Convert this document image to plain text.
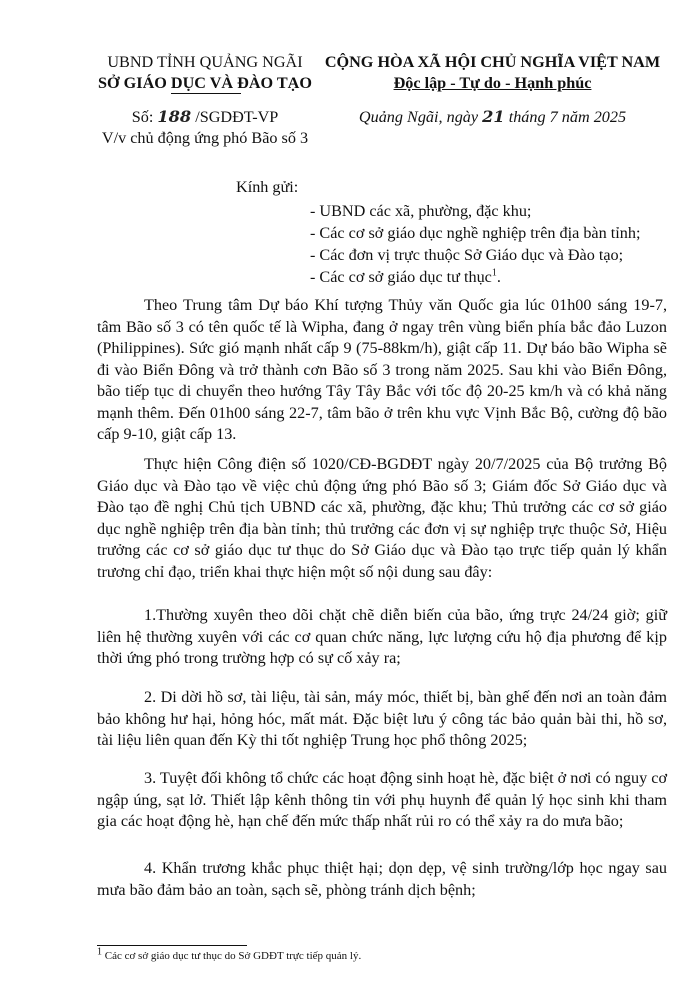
UBND TỈNH QUẢNG NGÃI
SỞ GIÁO DỤC VÀ ĐÀO TẠO
Số: 188 /SGDĐT-VP
V/v chủ động ứng phó Bão số 3
CỘNG HÒA XÃ HỘI CHỦ NGHĨA VIỆT NAM
Độc lập - Tự do - Hạnh phúc
Quảng Ngãi, ngày 21 tháng 7 năm 2025
Kính gửi:
- UBND các xã, phường, đặc khu;
- Các cơ sở giáo dục nghề nghiệp trên địa bàn tỉnh;
- Các đơn vị trực thuộc Sở Giáo dục và Đào tạo;
- Các cơ sở giáo dục tư thục$^1$.
Theo Trung tâm Dự báo Khí tượng Thủy văn Quốc gia lúc 01h00 sáng 19-7, tâm Bão số 3 có tên quốc tế là Wipha, đang ở ngay trên vùng biển phía bắc đảo Luzon (Philippines). Sức gió mạnh nhất cấp 9 (75-88km/h), giật cấp 11. Dự báo bão Wipha sẽ đi vào Biển Đông và trở thành cơn Bão số 3 trong năm 2025. Sau khi vào Biển Đông, bão tiếp tục di chuyển theo hướng Tây Tây Bắc với tốc độ 20-25 km/h và có khả năng mạnh thêm. Đến 01h00 sáng 22-7, tâm bão ở trên khu vực Vịnh Bắc Bộ, cường độ bão cấp 9-10, giật cấp 13.
Thực hiện Công điện số 1020/CĐ-BGDĐT ngày 20/7/2025 của Bộ trưởng Bộ Giáo dục và Đào tạo về việc chủ động ứng phó Bão số 3; Giám đốc Sở Giáo dục và Đào tạo đề nghị Chủ tịch UBND các xã, phường, đặc khu; Thủ trưởng các cơ sở giáo dục nghề nghiệp trên địa bàn tỉnh; thủ trưởng các đơn vị sự nghiệp trực thuộc Sở, Hiệu trưởng các cơ sở giáo dục tư thục do Sở Giáo dục và Đào tạo trực tiếp quản lý khẩn trương chỉ đạo, triển khai thực hiện một số nội dung sau đây:
1.Thường xuyên theo dõi chặt chẽ diễn biến của bão, ứng trực 24/24 giờ; giữ liên hệ thường xuyên với các cơ quan chức năng, lực lượng cứu hộ địa phương để kịp thời ứng phó trong trường hợp có sự cố xảy ra;
2. Di dời hồ sơ, tài liệu, tài sản, máy móc, thiết bị, bàn ghế đến nơi an toàn đảm bảo không hư hại, hỏng hóc, mất mát. Đặc biệt lưu ý công tác bảo quản bài thi, hồ sơ, tài liệu liên quan đến Kỳ thi tốt nghiệp Trung học phổ thông 2025;
3. Tuyệt đối không tổ chức các hoạt động sinh hoạt hè, đặc biệt ở nơi có nguy cơ ngập úng, sạt lở. Thiết lập kênh thông tin với phụ huynh để quản lý học sinh khi tham gia các hoạt động hè, hạn chế đến mức thấp nhất rủi ro có thể xảy ra do mưa bão;
4. Khẩn trương khắc phục thiệt hại; dọn dẹp, vệ sinh trường/lớp học ngay sau mưa bão đảm bảo an toàn, sạch sẽ, phòng tránh dịch bệnh;
$^1$ Các cơ sở giáo dục tư thục do Sở GDĐT trực tiếp quản lý.
